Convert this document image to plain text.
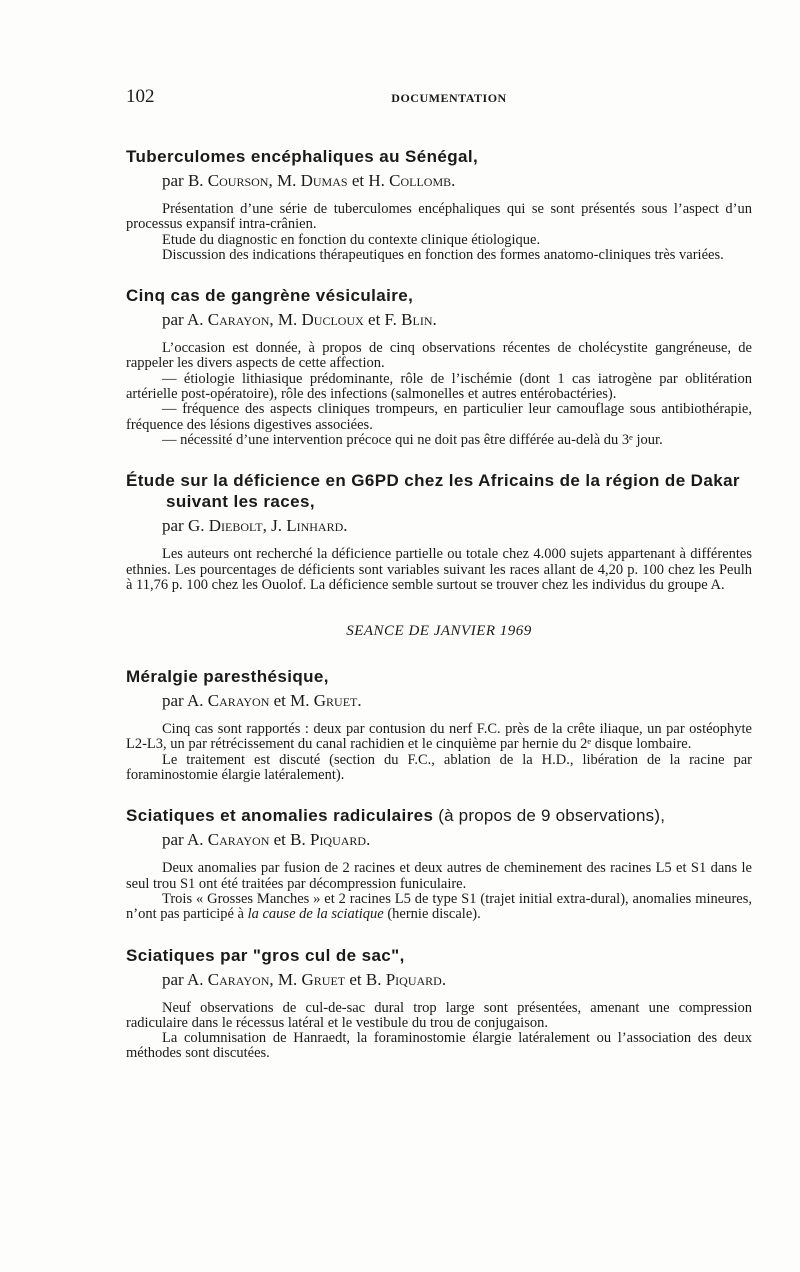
102	DOCUMENTATION
Tuberculomes encéphaliques au Sénégal,
par B. Courson, M. Dumas et H. Collomb.

Présentation d’une série de tuberculomes encéphaliques qui se sont présentés sous l’aspect d’un processus expansif intra-crânien.

Etude du diagnostic en fonction du contexte clinique étiologique.

Discussion des indications thérapeutiques en fonction des formes anatomo-cliniques très variées.

Cinq cas de gangrène vésiculaire,
par A. Carayon, M. Ducloux et F. Blin.

L’occasion est donnée, à propos de cinq observations récentes de cholécystite gangréneuse, de rappeler les divers aspects de cette affection.

— étiologie lithiasique prédominante, rôle de l’ischémie (dont 1 cas iatrogène par oblitération artérielle post-opératoire), rôle des infections (salmonelles et autres entérobactéries).

— fréquence des aspects cliniques trompeurs, en particulier leur camouflage sous antibiothérapie, fréquence des lésions digestives associées.

— nécessité d’une intervention précoce qui ne doit pas être différée au-delà du 3ᵉ jour.

Étude sur la déficience en G6PD chez les Africains de la région de Dakar
suivant les races,
par G. Diebolt, J. Linhard.

Les auteurs ont recherché la déficience partielle ou totale chez 4.000 sujets appartenant à différentes ethnies. Les pourcentages de déficients sont variables suivant les races allant de 4,20 p. 100 chez les Peulh à 11,76 p. 100 chez les Ouolof. La déficience semble surtout se trouver chez les individus du groupe A.

SEANCE DE JANVIER 1969
Méralgie paresthésique,
par A. Carayon et M. Gruet.

Cinq cas sont rapportés : deux par contusion du nerf F.C. près de la crête iliaque, un par ostéophyte L2-L3, un par rétrécissement du canal rachidien et le cinquième par hernie du 2ᵉ disque lombaire.

Le traitement est discuté (section du F.C., ablation de la H.D., libération de la racine par foraminostomie élargie latéralement).

Sciatiques et anomalies radiculaires (à propos de 9 observations),
par A. Carayon et B. Piquard.

Deux anomalies par fusion de 2 racines et deux autres de cheminement des racines L5 et S1 dans le seul trou S1 ont été traitées par décompression funiculaire.

Trois « Grosses Manches » et 2 racines L5 de type S1 (trajet initial extra-dural), anomalies mineures, n’ont pas participé à la cause de la sciatique (hernie discale).

Sciatiques par "gros cul de sac",
par A. Carayon, M. Gruet et B. Piquard.

Neuf observations de cul-de-sac dural trop large sont présentées, amenant une compression radiculaire dans le récessus latéral et le vestibule du trou de conjugaison.

La columnisation de Hanraedt, la foraminostomie élargie latéralement ou l’association des deux méthodes sont discutées.
